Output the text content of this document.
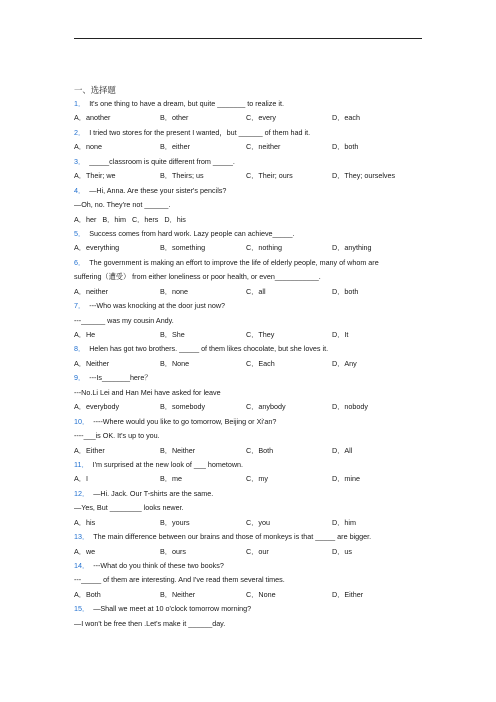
一、选择题
1． It's one thing to have a dream, but quite _______ to realize it.
A．another	B．other	C．every	D．each
2． I tried two stores for the present I wanted，but ______ of them had it.
A．none	B．either	C．neither	D．both
3． _____classroom is quite different from _____.
A．Their; we	B．Theirs; us	C．Their; ours	D．They; ourselves
4． —Hi, Anna. Are these your sister's pencils?
—Oh, no. They're not ______.
A．her B．him C．hers D．his
5． Success comes from hard work. Lazy people can achieve_____.
A．everything	B．something	C．nothing	D．anything
6． The government is making an effort to improve the life of elderly people, many of whom are
suffering（遭受） from either loneliness or poor health, or even___________.
A．neither	B．none	C．all	D．both
7． ---Who was knocking at the door just now?
---______ was my cousin Andy.
A．He	B．She	C．They	D．It
8． Helen has got two brothers. _____ of them likes chocolate, but she loves it.
A．Neither	B．None	C．Each	D．Any
9． ---Is_______here？
---No.Li Lei and Han Mei have asked for leave
A．everybody	B．somebody	C．anybody	D．nobody
10． ----Where would you like to go tomorrow, Beijing or Xi'an?
----___is OK. It's up to you.
A．Either	B．Neither	C．Both	D．All
11． I'm surprised at the new look of ___ hometown.
A．I	B．me	C．my	D．mine
12． —Hi. Jack. Our T-shirts are the same.
—Yes, But ________ looks newer.
A．his	B．yours	C．you	D．him
13． The main difference between our brains and those of monkeys is that _____ are bigger.
A．we	B．ours	C．our	D．us
14． ---What do you think of these two books?
---_____ of them are interesting. And I've read them several times.
A．Both	B．Neither	C．None	D．Either
15． —Shall we meet at 10 o'clock tomorrow morning?
—I won't be free then .Let's make it ______day.
